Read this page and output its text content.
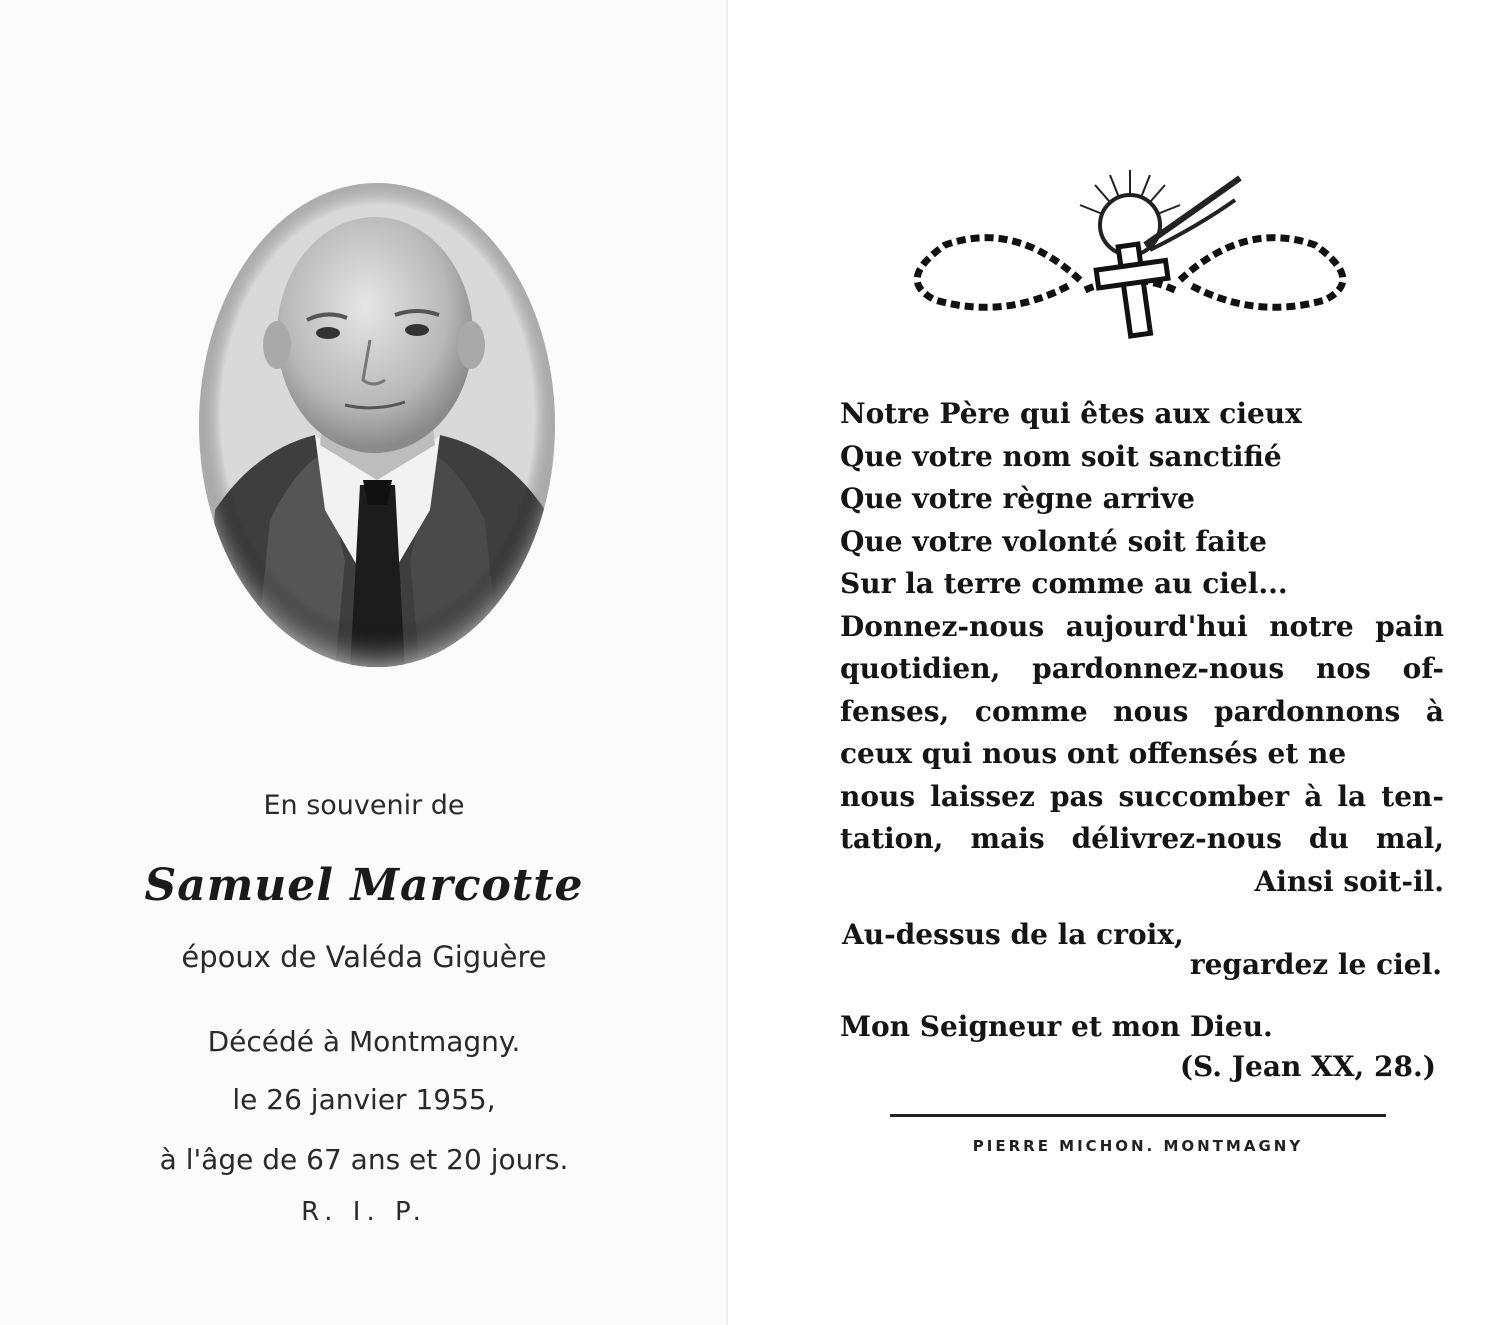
En souvenir de
Samuel Marcotte
époux de Valéda Giguère
Décédé à Montmagny.
le 26 janvier 1955,
à l'âge de 67 ans et 20 jours.
R. I. P.
Notre Père qui êtes aux cieux
Que votre nom soit sanctifié
Que votre règne arrive
Que votre volonté soit faite
Sur la terre comme au ciel...
Donnez-nous aujourd'hui notre pain
quotidien, pardonnez-nous nos of-
fenses, comme nous pardonnons à
ceux qui nous ont offensés et ne
nous laissez pas succomber à la ten-
tation, mais délivrez-nous du mal,
Ainsi soit-il.
Au-dessus de la croix,
regardez le ciel.
Mon Seigneur et mon Dieu.
(S. Jean XX, 28.)
PIERRE MICHON. MONTMAGNY
